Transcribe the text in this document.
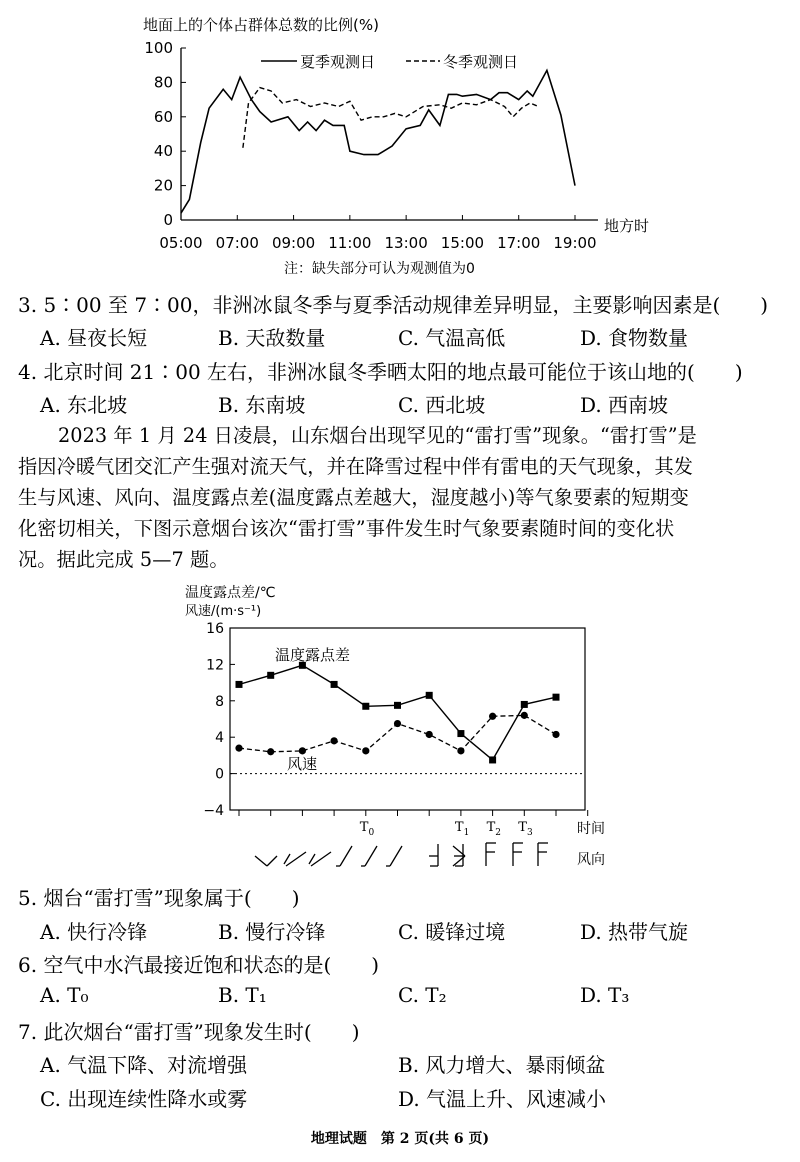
地面上的个体占群体总数的比例(%)
0
20
40
60
80
100
05:00 07:00 09:00 11:00 13:00 15:00 17:00 19:00
夏季观测日	冬季观测日
地方时
注：缺失部分可认为观测值为0
3. 5∶00 至 7∶00，非洲冰鼠冬季与夏季活动规律差异明显，主要影响因素是(　　)
A. 昼夜长短	B. 天敌数量	C. 气温高低	D. 食物数量
4. 北京时间 21∶00 左右，非洲冰鼠冬季晒太阳的地点最可能位于该山地的(　　)
A. 东北坡	B. 东南坡	C. 西北坡	D. 西南坡
2023 年 1 月 24 日凌晨，山东烟台出现罕见的“雷打雪”现象。“雷打雪”是
指因冷暖气团交汇产生强对流天气，并在降雪过程中伴有雷电的天气现象，其发
生与风速、风向、温度露点差(温度露点差越大，湿度越小)等气象要素的短期变
化密切相关，下图示意烟台该次“雷打雪”事件发生时气象要素随时间的变化状
况。据此完成 5—7 题。
温度露点差/℃
风速/(m·s⁻¹)
16
12
8
4
0
−4
温度露点差
风速
$T_0$	$T_1$ $T_2$ $T_3$	时间
风向
5. 烟台“雷打雪”现象属于(　　)
A. 快行冷锋	B. 慢行冷锋	C. 暖锋过境	D. 热带气旋
6. 空气中水汽最接近饱和状态的是(　　)
A. T₀	B. T₁	C. T₂	D. T₃
7. 此次烟台“雷打雪”现象发生时(　　)
A. 气温下降、对流增强	B. 风力增大、暴雨倾盆
C. 出现连续性降水或雾	D. 气温上升、风速减小
地理试题　第 2 页(共 6 页)
